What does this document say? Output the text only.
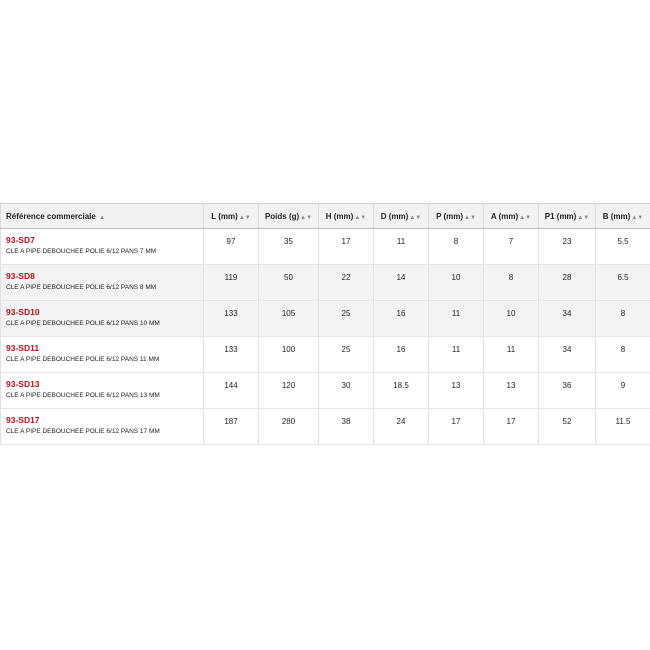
Référence commerciale ▲	L (mm)▲▼	Poids (g)▲▼	H (mm)▲▼	D (mm)▲▼	P (mm)▲▼	A (mm)▲▼	P1 (mm)▲▼	B (mm)▲▼

93-SD7
CLE A PIPE DEBOUCHEE POLIE 6/12 PANS 7 MM	97	35	17	11	8	7	23	5.5

93-SD8
CLE A PIPE DEBOUCHEE POLIE 6/12 PANS 8 MM	119	50	22	14	10	8	28	6.5

93-SD10
CLE A PIPE DEBOUCHEE POLIE 6/12 PANS 10 MM	133	105	25	16	11	10	34	8

93-SD11
CLE A PIPE DEBOUCHEE POLIE 6/12 PANS 11 MM	133	100	25	16	11	11	34	8

93-SD13
CLE A PIPE DEBOUCHEE POLIE 6/12 PANS 13 MM	144	120	30	18.5	13	13	36	9

93-SD17
CLE A PIPE DEBOUCHEE POLIE 6/12 PANS 17 MM	187	280	38	24	17	17	52	11.5
